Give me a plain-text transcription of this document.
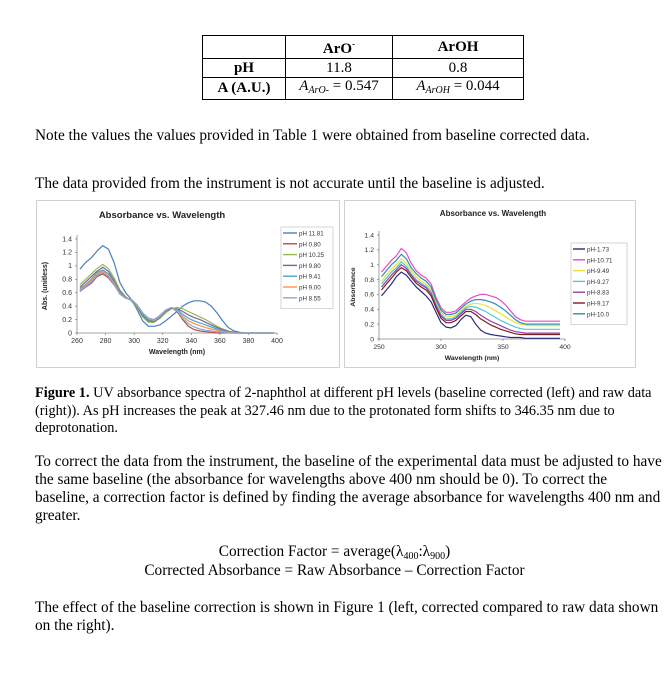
	ArO-	ArOH
pH	11.8	0.8
A (A.U.)	$A_{ArO-} = 0.547$	$A_{ArOH} = 0.044$
Note the values the values provided in Table 1 were obtained from baseline corrected data.
The data provided from the instrument is not accurate until the baseline is adjusted.
Absorbance vs. Wavelength
0
0.2
0.4
0.6
0.8
1
1.2
1.4
260 280 300 320 340 360 380 400
Wavelength (nm)
Abs. (unitless)
pH 11.81
pH 0.80
pH 10.25
pH 9.80
pH 9.41
pH 9.00
pH 8.55
Absorbance vs. Wavelength
0
0.2
0.4
0.6
0.8
1
1.2
1.4
250	300	350	400
Wavelength (nm)
Absorbance
pH-1.73
pH-10.71
pH-9.49
pH-9.27
pH-8.83
pH-9.17
pH-10.0
Figure 1. UV absorbance spectra of 2-naphthol at different pH levels (baseline corrected (left) and raw data (right)). As pH increases the peak at 327.46 nm due to the protonated form shifts to 346.35 nm due to deprotonation.
To correct the data from the instrument, the baseline of the experimental data must be adjusted to have the same baseline (the absorbance for wavelengths above 400 nm should be 0). To correct the baseline, a correction factor is defined by finding the average absorbance for wavelengths 400 nm and greater.
Correction Factor = $average(\lambda_{400}:\lambda_{900})$
Corrected Absorbance = Raw Absorbance – Correction Factor
The effect of the baseline correction is shown in Figure 1 (left, corrected compared to raw data shown on the right).
